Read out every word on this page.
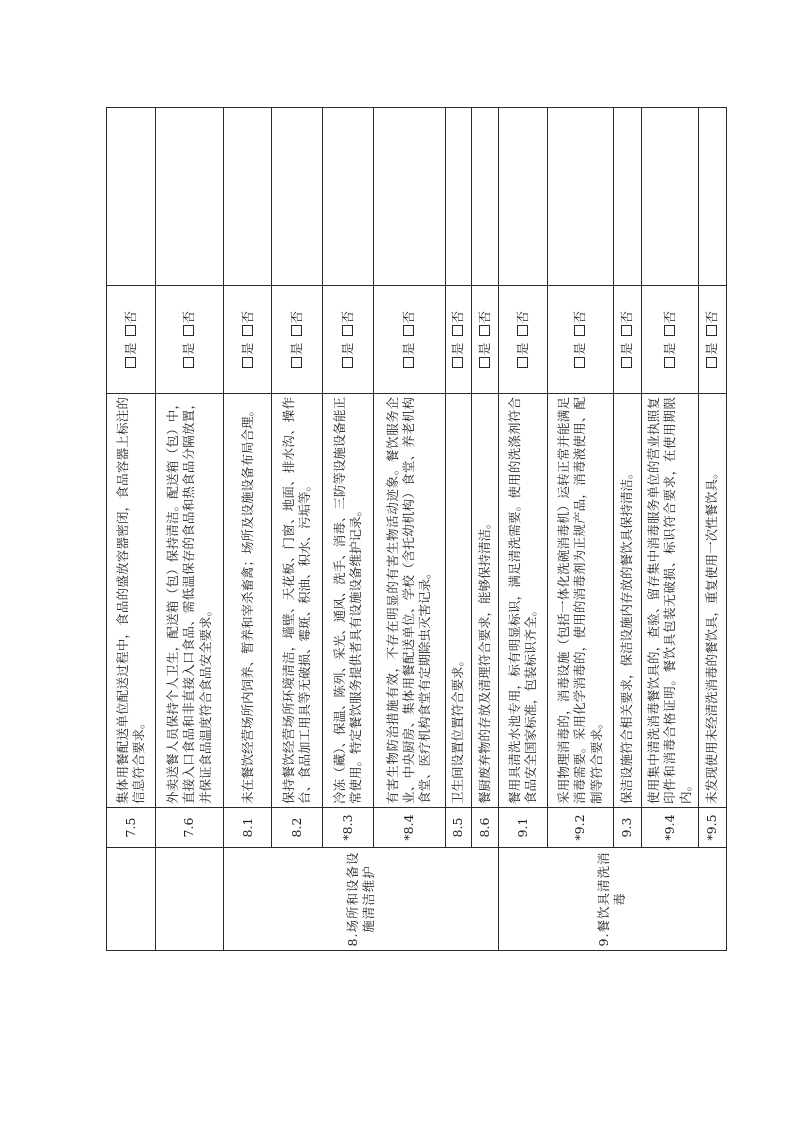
	7.5	集体用餐配送单位配送过程中，食品的盛放容器密闭，食品容器上标注的信息符合要求。	是否	
	7.6	外卖送餐人员保持个人卫生，配送箱（包）保持清洁。配送箱（包）中，直接入口食品和非直接入口食品、需低温保存的食品和热食品分隔放置，并保证食品温度符合食品安全要求。	是否	
8.场所和设备设施清洁维护	8.1	未在餐饮经营场所内饲养、暂养和宰杀畜禽；场所及设施设备布局合理。	是否	
	8.2	保持餐饮经营场所环境清洁，墙壁、天花板、门窗、地面、排水沟、操作台、食品加工用具等无破损、霉斑、积油、积水、污垢等。	是否	
	*8.3	冷冻（藏）、保温、陈列、采光、通风、洗手、消毒、三防等设施设备能正常使用。特定餐饮服务提供者具有设施设备维护记录。	是否	
	*8.4	有害生物防治措施有效，不存在明显的有害生物活动迹象。餐饮服务企业、中央厨房、集体用餐配送单位、学校（含托幼机构）食堂、养老机构食堂、医疗机构食堂有定期除虫灭害记录。	是否	
	8.5	卫生间设置位置符合要求。	是否	
	8.6	餐厨废弃物的存放及清理符合要求，能够保持清洁。	是否	
9.餐饮具清洗消毒	9.1	餐用具清洗水池专用，标有明显标识，满足清洗需要。使用的洗涤剂符合食品安全国家标准，包装标识齐全。	是否	
	*9.2	采用物理消毒的，消毒设施（包括一体化洗碗消毒机）运转正常并能满足消毒需要。采用化学消毒的，使用的消毒剂为正规产品，消毒液使用、配制等符合要求。	是否	
	9.3	保洁设施符合相关要求，保洁设施内存放的餐饮具保持清洁。	是否	
	*9.4	使用集中清洗消毒餐饮具的，查验、留存集中消毒服务单位的营业执照复印件和消毒合格证明。餐饮具包装无破损、标识符合要求，在使用期限内。	是否	
	*9.5	未发现使用未经清洗消毒的餐饮具，重复使用一次性餐饮具。	是否	
